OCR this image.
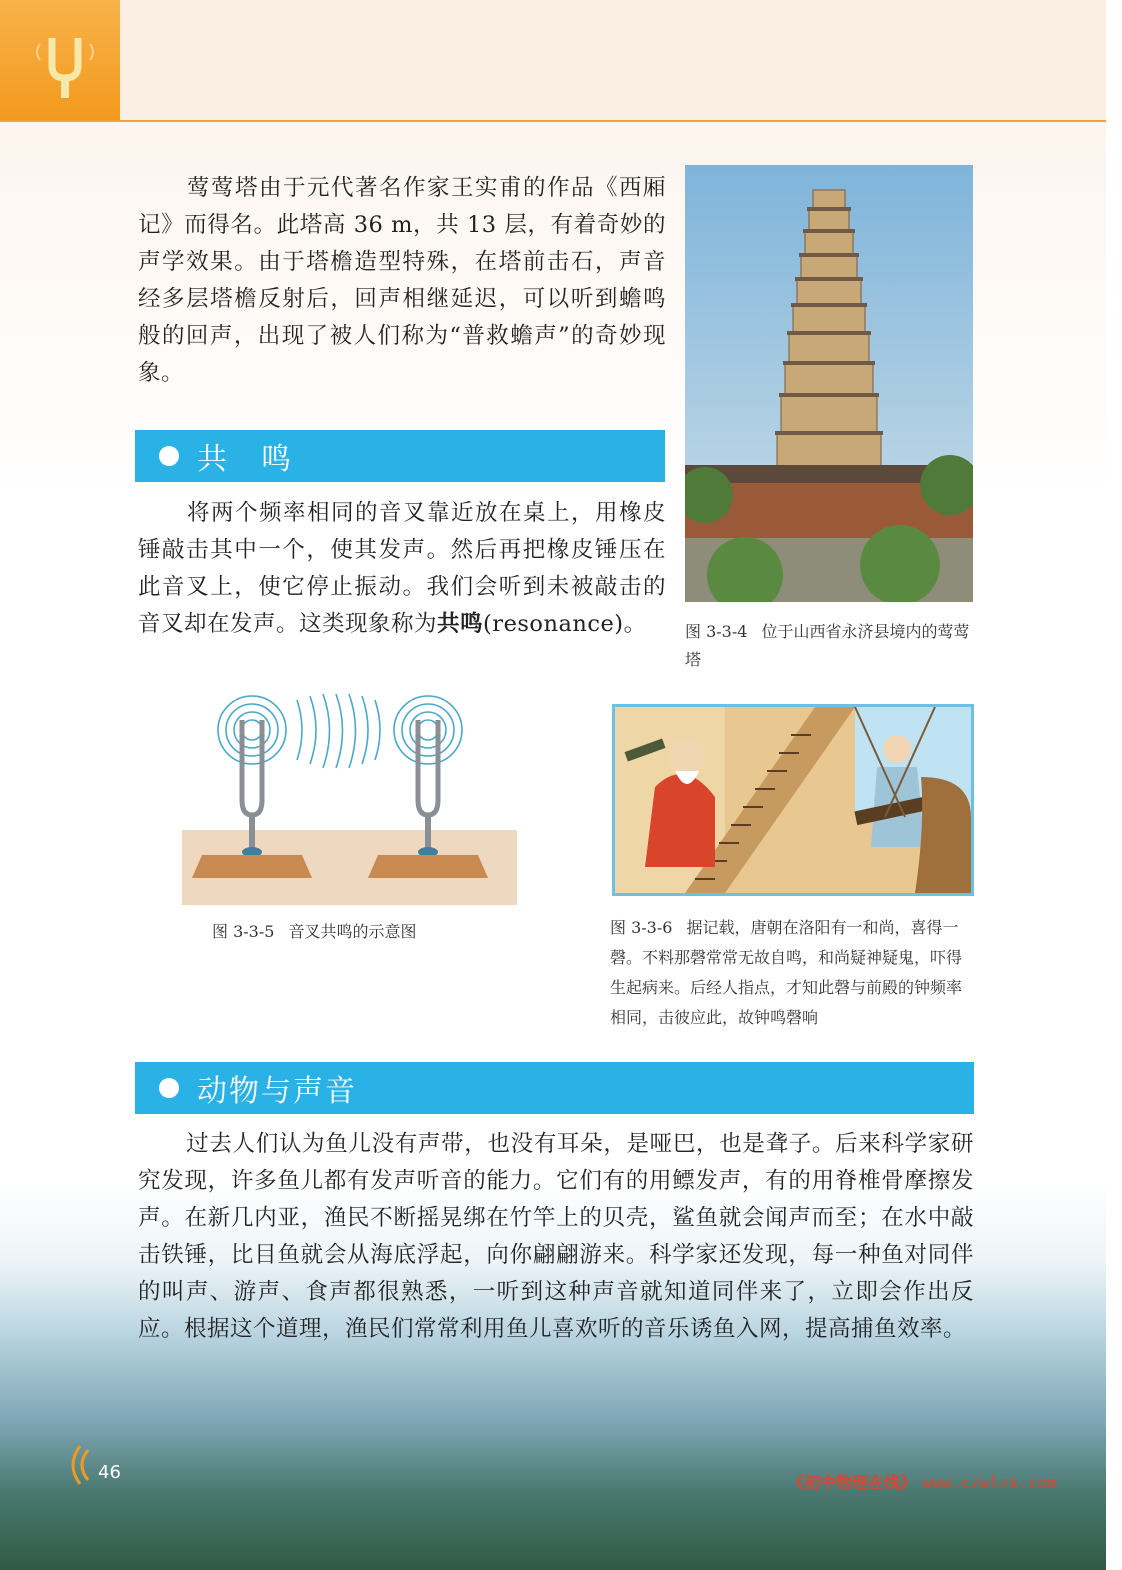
莺莺塔由于元代著名作家王实甫的作品《西厢记》而得名。此塔高 36 m，共 13 层，有着奇妙的声学效果。由于塔檐造型特殊，在塔前击石，声音经多层塔檐反射后，回声相继延迟，可以听到蟾鸣般的回声，出现了被人们称为“普救蟾声”的奇妙现象。

图 3-3-4 位于山西省永济县境内的莺莺塔
共　鸣

将两个频率相同的音叉靠近放在桌上，用橡皮锤敲击其中一个，使其发声。然后再把橡皮锤压在此音叉上，使它停止振动。我们会听到未被敲击的音叉却在发声。这类现象称为共鸣(resonance)。

图 3-3-5 音叉共鸣的示意图	图 3-3-6 据记载，唐朝在洛阳有一和尚，喜得一磬。不料那磬常常无故自鸣，和尚疑神疑鬼，吓得生起病来。后经人指点，才知此磬与前殿的钟频率相同，击彼应此，故钟鸣磬响
动物与声音

过去人们认为鱼儿没有声带，也没有耳朵，是哑巴，也是聋子。后来科学家研究发现，许多鱼儿都有发声听音的能力。它们有的用鳔发声，有的用脊椎骨摩擦发声。在新几内亚，渔民不断摇晃绑在竹竿上的贝壳，鲨鱼就会闻声而至；在水中敲击铁锤，比目鱼就会从海底浮起，向你翩翩游来。科学家还发现，每一种鱼对同伴的叫声、游声、食声都很熟悉，一听到这种声音就知道同伴来了，立即会作出反应。根据这个道理，渔民们常常利用鱼儿喜欢听的音乐诱鱼入网，提高捕鱼效率。

46	《初中物理在线》 www.czwlzx.com
